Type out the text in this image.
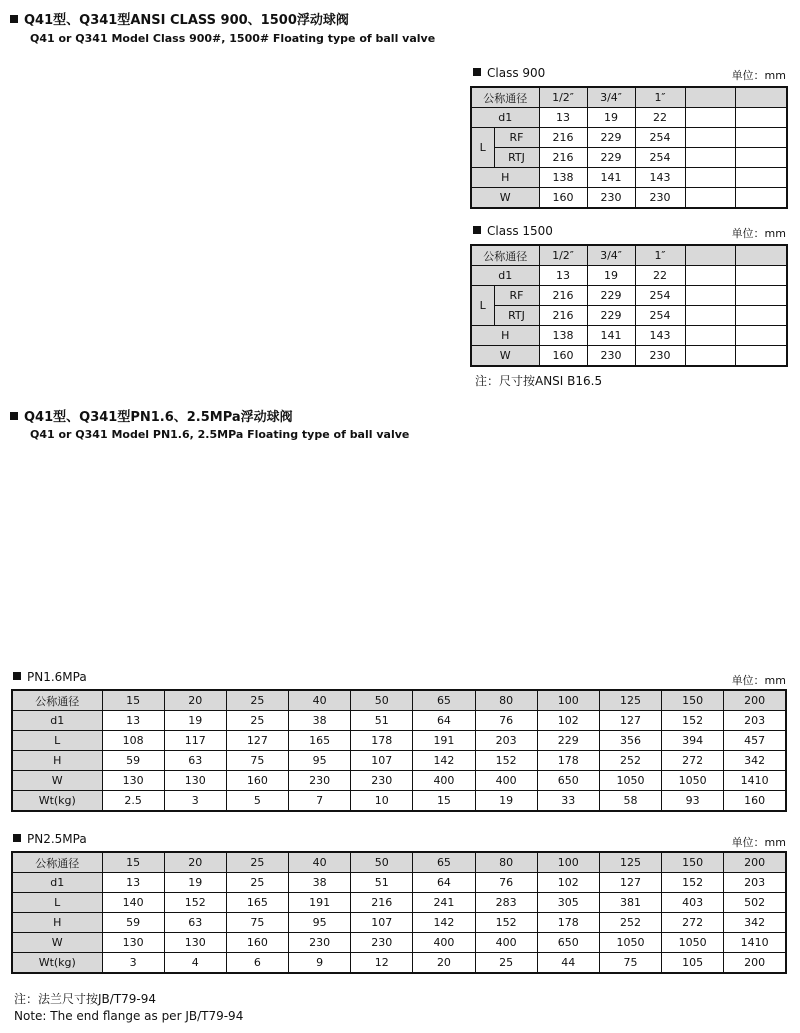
Q41型、Q341型ANSI CLASS 900、1500浮动球阀
Q41 or Q341 Model Class 900#, 1500# Floating type of ball valve
Class 900	单位：mm
公称通径		1/2″	3/4″	1″		
d1		13	19	22		
L	RF	216	229	254		
	RTJ	216	229	254		
H		138	141	143		
W		160	230	230		
Class 1500	单位：mm
公称通径		1/2″	3/4″	1″		
d1		13	19	22		
L	RF	216	229	254		
	RTJ	216	229	254		
H		138	141	143		
W		160	230	230		
注：尺寸按ANSI B16.5
Q41型、Q341型PN1.6、2.5MPa浮动球阀
Q41 or Q341 Model PN1.6, 2.5MPa Floating type of ball valve
PN1.6MPa	单位：mm
公称通径	15	20	25	40	50	65	80	100	125	150	200
d1	13	19	25	38	51	64	76	102	127	152	203
L	108	117	127	165	178	191	203	229	356	394	457
H	59	63	75	95	107	142	152	178	252	272	342
W	130	130	160	230	230	400	400	650	1050	1050	1410
Wt(kg)	2.5	3	5	7	10	15	19	33	58	93	160
PN2.5MPa	单位：mm
公称通径	15	20	25	40	50	65	80	100	125	150	200
d1	13	19	25	38	51	64	76	102	127	152	203
L	140	152	165	191	216	241	283	305	381	403	502
H	59	63	75	95	107	142	152	178	252	272	342
W	130	130	160	230	230	400	400	650	1050	1050	1410
Wt(kg)	3	4	6	9	12	20	25	44	75	105	200
注：法兰尺寸按JB/T79-94
Note: The end flange as per JB/T79-94
